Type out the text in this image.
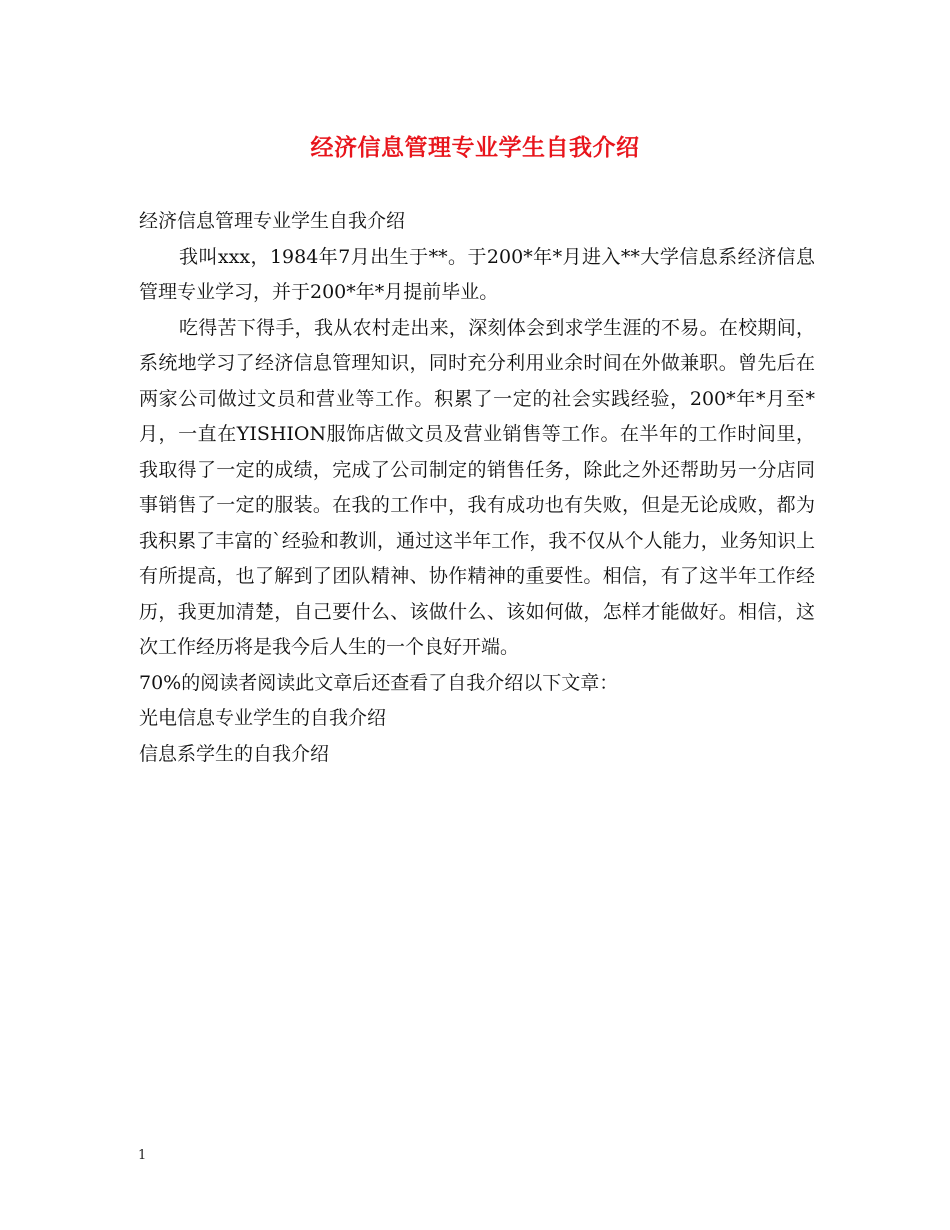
经济信息管理专业学生自我介绍

经济信息管理专业学生自我介绍

我叫xxx，1984年7月出生于**。于200*年*月进入**大学信息系经济信息管理专业学习，并于200*年*月提前毕业。

吃得苦下得手，我从农村走出来，深刻体会到求学生涯的不易。在校期间，系统地学习了经济信息管理知识，同时充分利用业余时间在外做兼职。曾先后在两家公司做过文员和营业等工作。积累了一定的社会实践经验，200*年*月至*月，一直在YISHION服饰店做文员及营业销售等工作。在半年的工作时间里，我取得了一定的成绩，完成了公司制定的销售任务，除此之外还帮助另一分店同事销售了一定的服装。在我的工作中，我有成功也有失败，但是无论成败，都为我积累了丰富的`经验和教训，通过这半年工作，我不仅从个人能力，业务知识上有所提高，也了解到了团队精神、协作精神的重要性。相信，有了这半年工作经历，我更加清楚，自己要什么、该做什么、该如何做，怎样才能做好。相信，这次工作经历将是我今后人生的一个良好开端。

70%的阅读者阅读此文章后还查看了自我介绍以下文章：

光电信息专业学生的自我介绍

信息系学生的自我介绍

1
